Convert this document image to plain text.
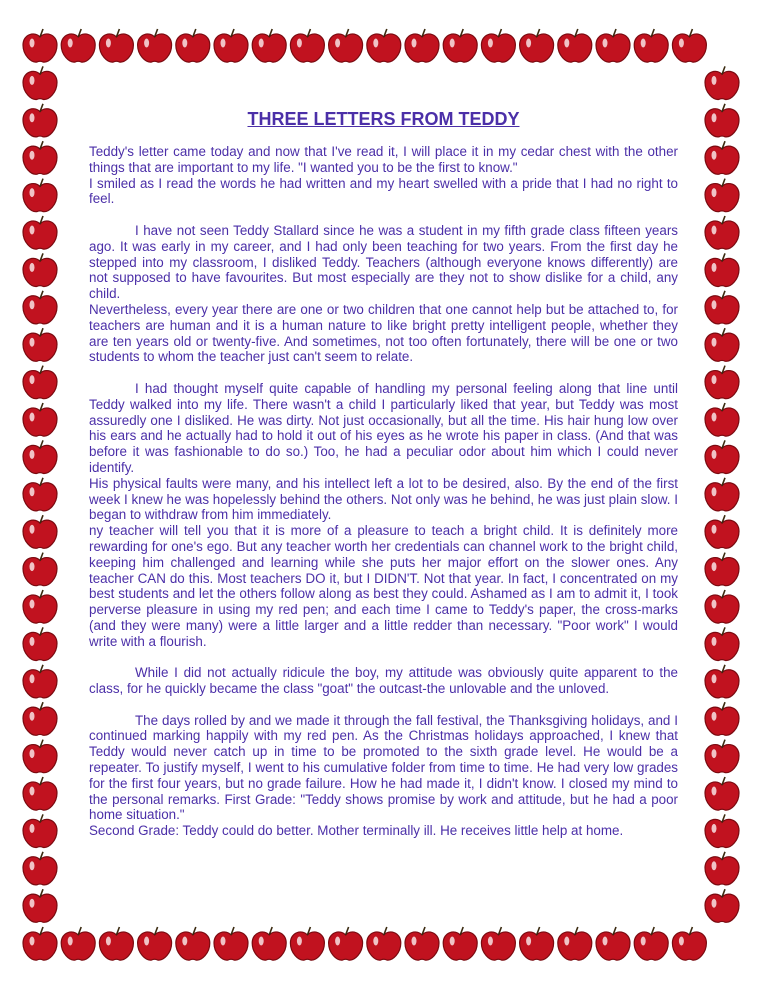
THREE LETTERS FROM TEDDY

Teddy's letter came today and now that I've read it, I will place it in my cedar chest with the other things that are important to my life. "I wanted you to be the first to know."

I smiled as I read the words he had written and my heart swelled with a pride that I had no right to feel.

I have not seen Teddy Stallard since he was a student in my fifth grade class fifteen years ago. It was early in my career, and I had only been teaching for two years. From the first day he stepped into my classroom, I disliked Teddy. Teachers (although everyone knows differently) are not supposed to have favourites. But most especially are they not to show dislike for a child, any child.

Nevertheless, every year there are one or two children that one cannot help but be attached to, for teachers are human and it is a human nature to like bright pretty intelligent people, whether they are ten years old or twenty-five. And sometimes, not too often fortunately, there will be one or two students to whom the teacher just can't seem to relate.

I had thought myself quite capable of handling my personal feeling along that line until Teddy walked into my life. There wasn't a child I particularly liked that year, but Teddy was most assuredly one I disliked. He was dirty. Not just occasionally, but all the time. His hair hung low over his ears and he actually had to hold it out of his eyes as he wrote his paper in class. (And that was before it was fashionable to do so.) Too, he had a peculiar odor about him which I could never identify.

His physical faults were many, and his intellect left a lot to be desired, also. By the end of the first week I knew he was hopelessly behind the others. Not only was he behind, he was just plain slow. I began to withdraw from him immediately.

ny teacher will tell you that it is more of a pleasure to teach a bright child. It is definitely more rewarding for one's ego. But any teacher worth her credentials can channel work to the bright child, keeping him challenged and learning while she puts her major effort on the slower ones. Any teacher CAN do this. Most teachers DO it, but I DIDN'T. Not that year. In fact, I concentrated on my best students and let the others follow along as best they could. Ashamed as I am to admit it, I took perverse pleasure in using my red pen; and each time I came to Teddy's paper, the cross-marks (and they were many) were a little larger and a little redder than necessary. "Poor work" I would write with a flourish.

While I did not actually ridicule the boy, my attitude was obviously quite apparent to the class, for he quickly became the class "goat" the outcast-the unlovable and the unloved.

The days rolled by and we made it through the fall festival, the Thanksgiving holidays, and I continued marking happily with my red pen. As the Christmas holidays approached, I knew that Teddy would never catch up in time to be promoted to the sixth grade level. He would be a repeater. To justify myself, I went to his cumulative folder from time to time. He had very low grades for the first four years, but no grade failure. How he had made it, I didn't know. I closed my mind to the personal remarks. First Grade: "Teddy shows promise by work and attitude, but he had a poor home situation."

Second Grade: Teddy could do better. Mother terminally ill. He receives little help at home.
